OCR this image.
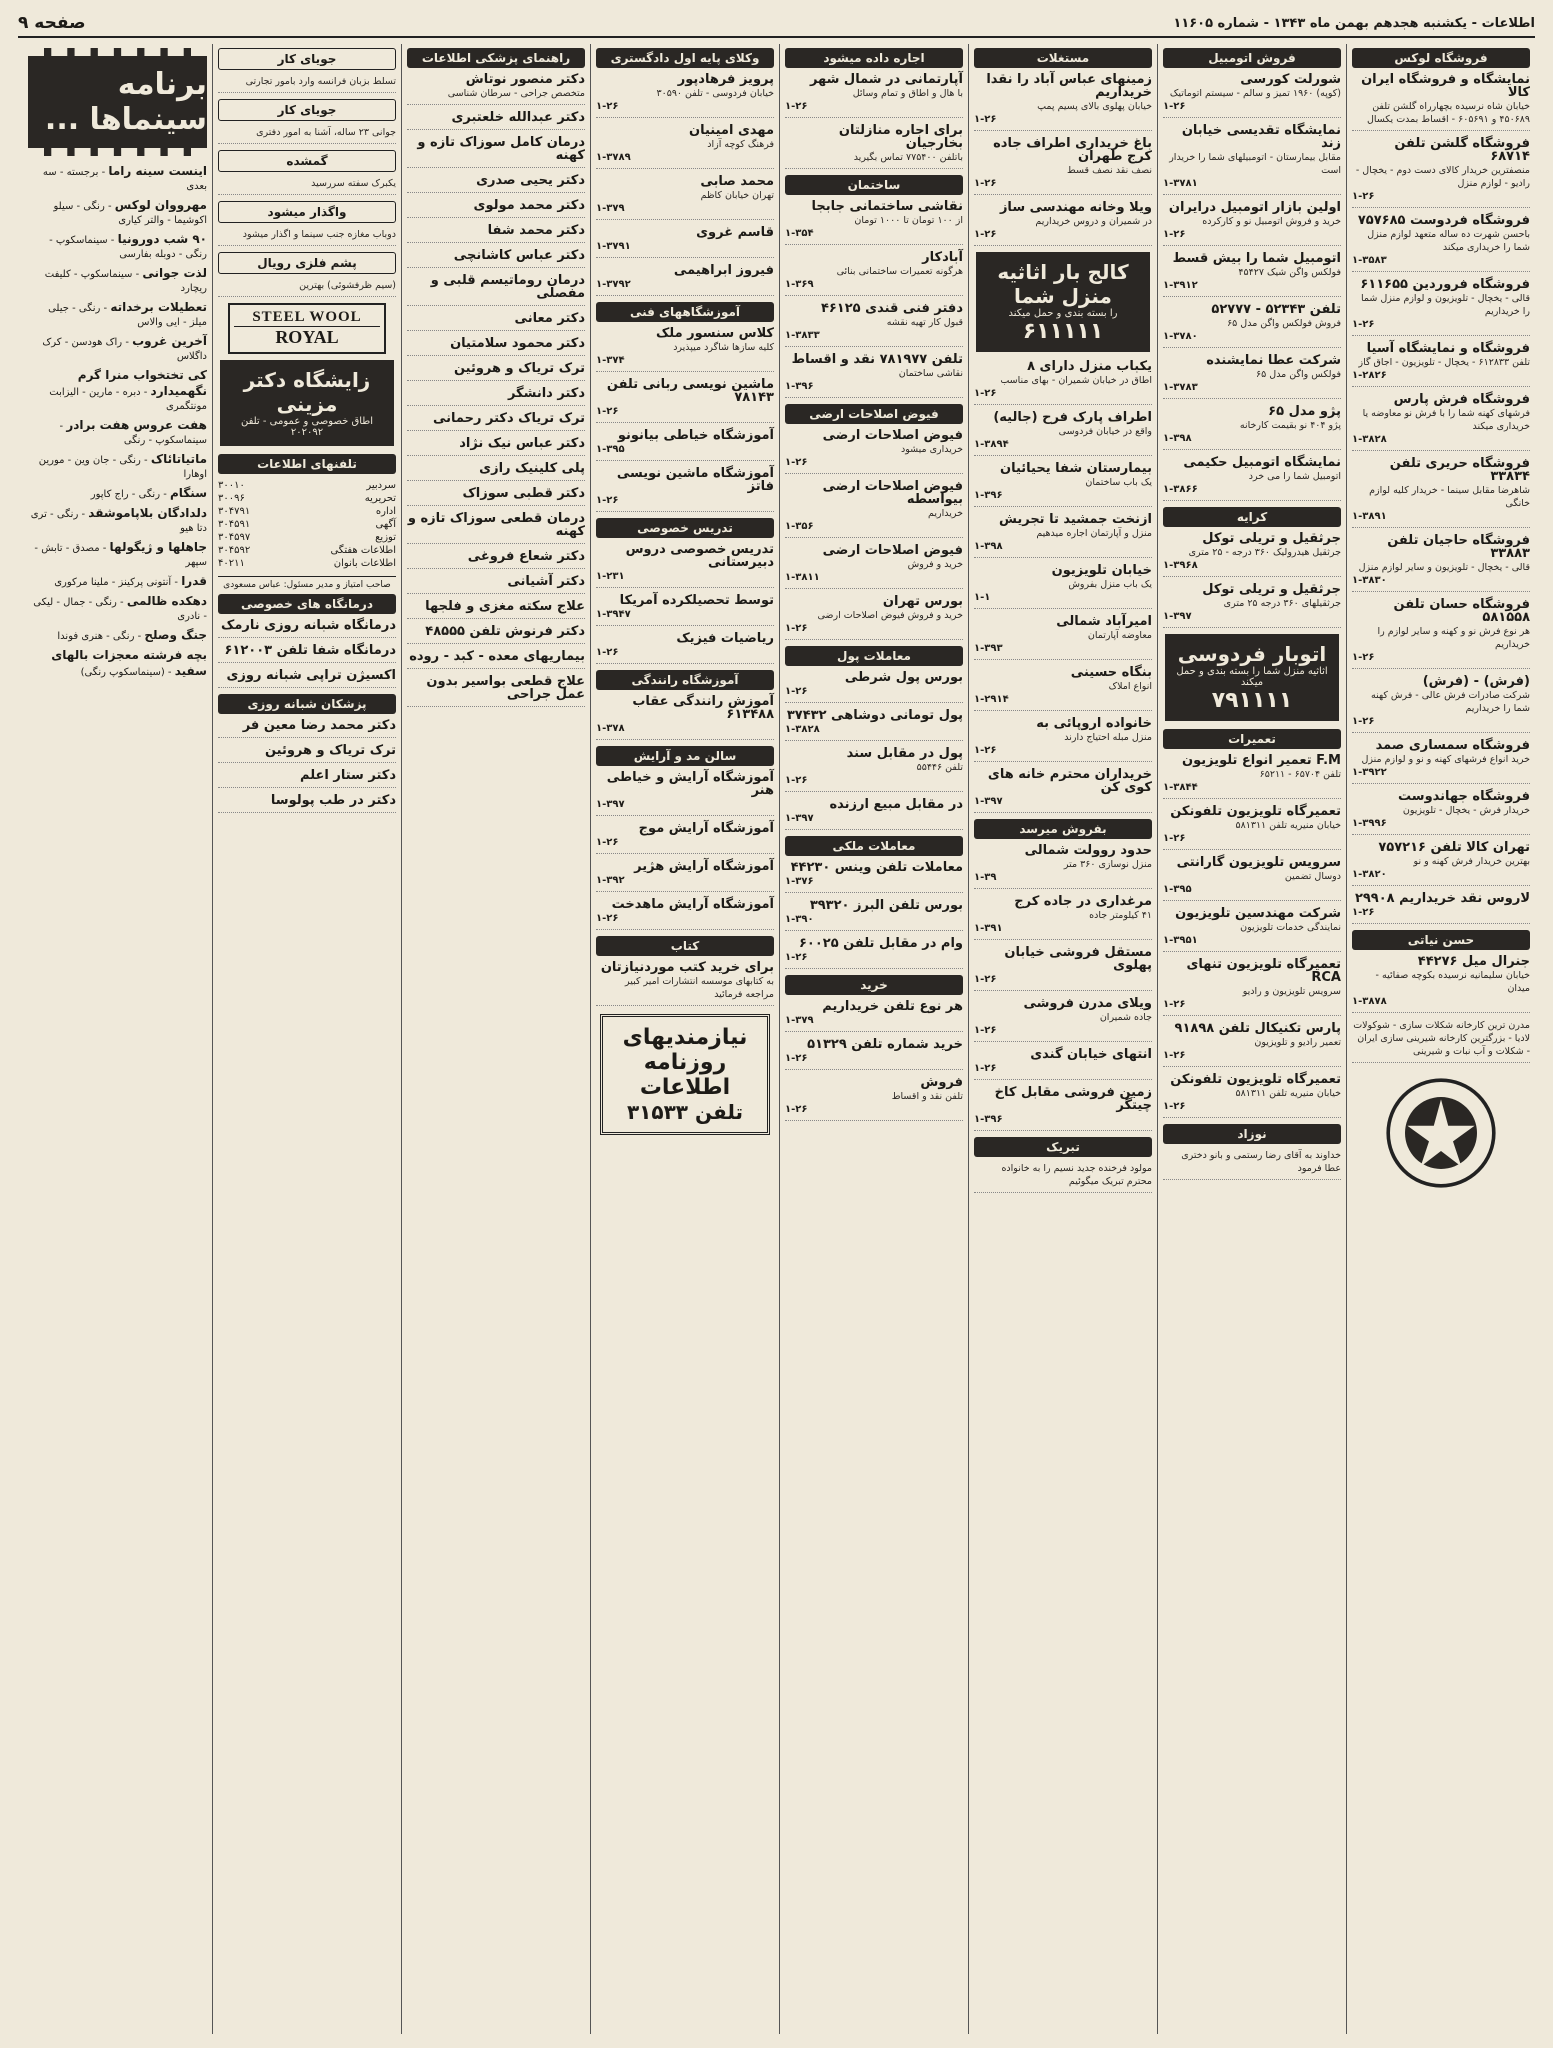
اطلاعات - یکشنبه هجدهم بهمن ماه ۱۳۴۳ - شماره ۱۱۶۰۵
صفحه ۹
فروشگاه لوکس
نمایشگاه و فروشگاه ایران کالا
خیابان شاه نرسیده بچهارراه گلشن تلفن ۴۵۰۶۸۹ و ۶۰۵۶۹۱ - اقساط بمدت یکسال
فروشگاه گلشن تلفن ۶۸۷۱۴
منصفترین خریدار کالای دست دوم - یخچال - رادیو - لوازم منزل
۱-۲۶
فروشگاه فردوست ۷۵۷۶۸۵
باحسن شهرت ده ساله متعهد لوازم منزل شما را خریداری میکند
۱-۳۵۸۳
فروشگاه فروردین ۶۱۱۶۵۵
قالی - یخچال - تلویزیون و لوازم منزل شما را خریداریم
۱-۲۶
فروشگاه و نمایشگاه آسیا
تلفن ۶۱۲۸۳۳ - یخچال - تلویزیون - اجاق گاز
۱-۲۸۲۶
فروشگاه فرش پارس
فرشهای کهنه شما را با فرش نو معاوضه یا خریداری میکند
۱-۳۸۲۸
فروشگاه حریری تلفن ۳۳۸۳۴
شاهرضا مقابل سینما - خریدار کلیه لوازم خانگی
۱-۳۸۹۱
فروشگاه حاجیان تلفن ۳۳۸۸۳
قالی - یخچال - تلویزیون و سایر لوازم منزل
۱-۳۸۳۰
فروشگاه حسان تلفن ۵۸۱۵۵۸
هر نوع فرش نو و کهنه و سایر لوازم را خریداریم
۱-۲۶
(فرش) - (فرش)
شرکت صادرات فرش عالی - فرش کهنه شما را خریداریم
۱-۲۶
فروشگاه سمساری صمد
خرید انواع فرشهای کهنه و نو و لوازم منزل
۱-۳۹۲۲
فروشگاه جهاندوست
خریدار فرش - یخچال - تلویزیون
۱-۳۹۹۶
تهران کالا تلفن ۷۵۷۲۱۶
بهترین خریدار فرش کهنه و نو
۱-۳۸۲۰
لاروس نقد خریداریم ۲۹۹۰۸
۱-۲۶
حسن نیاتی
جنرال میل ۴۴۲۷۶
خیابان سلیمانیه نرسیده بکوچه صفائیه - میدان
۱-۳۸۷۸
مدرن ترین کارخانه شکلات سازی - شوکولات لادیا - بزرگترین کارخانه شیرینی سازی ایران - شکلات و آب نبات و شیرینی
فروش اتومبیل
شورلت کورسی
(کوپه) ۱۹۶۰ تمیز و سالم - سیستم اتوماتیک
۱-۲۶
نمایشگاه تقدیسی خیابان زند
مقابل بیمارستان - اتومبیلهای شما را خریدار است
۱-۳۷۸۱
اولین بازار اتومبیل درایران
خرید و فروش اتومبیل نو و کارکرده
۱-۲۶
اتومبیل شما را بیش قسط
فولکس واگن شیک ۴۵۴۲۷
۱-۳۹۱۲
تلفن ۵۲۳۴۳ - ۵۲۷۷۷
فروش فولکس واگن مدل ۶۵
۱-۳۷۸۰
شرکت عطا نمایشنده
فولکس واگن مدل ۶۵
۱-۳۷۸۳
پژو مدل ۶۵
پژو ۴۰۴ نو بقیمت کارخانه
۱-۳۹۸
نمایشگاه اتومبیل حکیمی
اتومبیل شما را می خرد
۱-۳۸۶۶
کرایه
جرثقیل و تریلی توکل
جرثقیل هیدرولیک ۳۶۰ درجه - ۲۵ متری
۱-۳۹۶۸
جرثقیل و تریلی توکل
جرثقیلهای ۳۶۰ درجه ۲۵ متری
۱-۳۹۷
اتوبار فردوسی
اثاثیه منزل شما را بسته بندی و حمل میکند
۷۹۱۱۱۱
تعمیرات
F.M تعمیر انواع تلویزیون
تلفن ۶۵۷۰۴ - ۶۵۲۱۱
۱-۳۸۴۴
تعمیرگاه تلویزیون تلفونکن
خیابان منیریه تلفن ۵۸۱۳۱۱
۱-۲۶
سرویس تلویزیون گارانتی
دوسال تضمین
۱-۳۹۵
شرکت مهندسین تلویزیون
نمایندگی خدمات تلویزیون
۱-۳۹۵۱
تعمیرگاه تلویزیون تنهای RCA
سرویس تلویزیون و رادیو
۱-۲۶
پارس تکنیکال تلفن ۹۱۸۹۸
تعمیر رادیو و تلویزیون
۱-۲۶
تعمیرگاه تلویزیون تلفونکن
خیابان منیریه تلفن ۵۸۱۳۱۱
۱-۲۶
نوزاد
خداوند به آقای رضا رستمی و بانو دختری عطا فرمود
مستغلات
زمینهای عباس آباد را نقدا خریداریم
خیابان پهلوی بالای پسیم پمپ
۱-۲۶
باغ خریداری اطراف جاده کرج طهران
نصف نقد نصف قسط
۱-۲۶
ویلا وخانه مهندسی ساز
در شمیران و دروس خریداریم
۱-۲۶
کالج بار اثاثیه منزل شما
را بسته بندی و حمل میکند
۶۱۱۱۱۱
یکباب منزل دارای ۸
اطاق در خیابان شمیران - بهای مناسب
۱-۲۶
اطراف پارک فرح (جالیه)
واقع در خیابان فردوسی
۱-۳۸۹۴
بیمارستان شفا یحیائیان
یک باب ساختمان
۱-۳۹۶
ازنخت جمشید تا تجریش
منزل و آپارتمان اجاره میدهیم
۱-۳۹۸
خیابان تلویزیون
یک باب منزل بفروش
۱-۱
امیرآباد شمالی
معاوضه آپارتمان
۱-۳۹۳
بنگاه حسینی
انواع املاک
۱-۲۹۱۴
خانواده اروپائی به
منزل مبله احتیاج دارند
۱-۲۶
خریداران محترم خانه های کوی کن
۱-۳۹۷
بفروش میرسد
حدود روولت شمالی
منزل نوسازی ۳۶۰ متر
۱-۳۹
مرغداری در جاده کرج
۴۱ کیلومتر جاده
۱-۳۹۱
مستقل فروشی خیابان پهلوی
۱-۲۶
ویلای مدرن فروشی
جاده شمیران
۱-۲۶
انتهای خیابان گندی
۱-۲۶
زمین فروشی مقابل کاخ چیتگر
۱-۳۹۶
تبریک
مولود فرخنده جدید نسیم را به خانواده محترم تبریک میگوئیم
اجاره داده میشود
آپارتمانی در شمال شهر
با هال و اطاق و تمام وسائل
۱-۲۶
برای اجاره منازلتان بخارجیان
باتلفن ۷۷۵۴۰۰ تماس بگیرید
ساختمان
نقاشی ساختمانی جابجا
از ۱۰۰ تومان تا ۱۰۰۰ تومان
۱-۳۵۴
آبادکار
هرگونه تعمیرات ساختمانی بنائی
۱-۳۶۹
دفتر فنی قندی ۴۶۱۲۵
قبول کار تهیه نقشه
۱-۳۸۳۳
تلفن ۷۸۱۹۷۷ نقد و اقساط
نقاشی ساختمان
۱-۳۹۶
فیوض اصلاحات ارضی
فیوض اصلاحات ارضی
خریداری میشود
۱-۲۶
فیوض اصلاحات ارضی بیواسطه
خریداریم
۱-۳۵۶
فیوض اصلاحات ارضی
خرید و فروش
۱-۳۸۱۱
بورس تهران
خرید و فروش فیوض اصلاحات ارضی
۱-۲۶
معاملات پول
بورس پول شرطی
۱-۲۶
پول تومانی دوشاهی ۳۷۴۳۲
۱-۳۸۲۸
پول در مقابل سند
تلفن ۵۵۴۴۶
۱-۲۶
در مقابل مبیع ارزنده
۱-۳۹۷
معاملات ملکی
معاملات تلفن وینس ۴۴۲۳۰
۱-۳۷۶
بورس تلفن البرز ۳۹۳۲۰
۱-۳۹۰
وام در مقابل تلفن ۶۰۰۲۵
۱-۲۶
خرید
هر نوع تلفن خریداریم
۱-۳۷۹
خرید شماره تلفن ۵۱۳۲۹
۱-۲۶
فروش
تلفن نقد و اقساط
۱-۲۶
وکلای پایه اول دادگستری
پرویز فرهادپور
خیابان فردوسی - تلفن ۳۰۵۹۰
۱-۲۶
مهدی امینیان
فرهنگ کوچه آزاد
۱-۳۷۸۹
محمد صابی
تهران خیابان کاظم
۱-۳۷۹
قاسم غروی
۱-۳۷۹۱
فیروز ابراهیمی
۱-۳۷۹۲
آموزشگاههای فنی
کلاس سنسور ملک
کلیه سازها شاگرد میپذیرد
۱-۳۷۴
ماشین نویسی ربانی تلفن ۷۸۱۴۳
۱-۲۶
آموزشگاه خیاطی بیانونو
۱-۳۹۵
آموزشگاه ماشین نویسی فاتز
۱-۲۶
تدریس خصوصی
تدریس خصوصی دروس دبیرستانی
۱-۲۳۱
توسط تحصیلکرده آمریکا
۱-۳۹۴۷
ریاضیات فیزیک
۱-۲۶
آموزشگاه رانندگی
آموزش رانندگی عقاب ۶۱۳۴۸۸
۱-۳۷۸
سالن مد و آرایش
آموزشگاه آرایش و خیاطی هنر
۱-۳۹۷
آموزشگاه آرایش موج
۱-۲۶
آموزشگاه آرایش هژیر
۱-۳۹۲
آموزشگاه آرایش ماهدخت
۱-۲۶
کتاب
برای خرید کتب موردنیازتان
به کتابهای موسسه انتشارات امیر کبیر مراجعه فرمائید
نیازمندیهای روزنامه اطلاعات
تلفن ۳۱۵۳۳
راهنمای پزشکی اطلاعات
دکتر منصور نوتاش
متخصص جراحی - سرطان شناسی
دکتر عبدالله خلعتبری
درمان کامل سوزاک تازه و کهنه
دکتر یحیی صدری
دکتر محمد مولوی
دکتر محمد شفا
دکتر عباس کاشانچی
درمان روماتیسم قلبی و مفصلی
دکتر معانی
دکتر محمود سلامتیان
ترک تریاک و هروئین
دکتر دانشگر
ترک تریاک دکتر رحمانی
دکتر عباس نیک نژاد
پلی کلینیک رازی
دکتر قطبی سوزاک
درمان قطعی سوزاک تازه و کهنه
دکتر شعاع فروغی
دکتر آشیانی
علاج سکته مغزی و فلجها
دکتر فرنوش تلفن ۴۸۵۵۵
بیماریهای معده - کبد - روده
علاج قطعی بواسیر بدون عمل جراحی
جویای کار
تسلط بزبان فرانسه وارد بامور تجارتی
جویای کار
جوانی ۲۳ ساله، آشنا به امور دفتری
گمشده
یکبرک سفته سررسید
واگذار میشود
دوباب مغازه جنب سینما و اگذار میشود
پشم فلزی رویال
(سیم ظرفشوئی) بهترین
STEEL WOOL
ROYAL
زایشگاه دکتر مزینی
اطاق خصوصی و عمومی - تلفن ۲۰۲۰۹۲
تلفنهای اطلاعات
سردبیر	۳۰۰۱۰
تحریریه	۳۰۰۹۶
اداره	۳۰۴۷۹۱
آگهی	۳۰۴۵۹۱
توزیع	۳۰۴۵۹۷
اطلاعات هفتگی	۳۰۴۵۹۲
اطلاعات بانوان	۴۰۲۱۱
صاحب امتیاز و مدیر مسئول: عباس مسعودی
درمانگاه های خصوصی
درمانگاه شبانه روزی نارمک
درمانگاه شفا تلفن ۶۱۲۰۰۳
اکسیژن تراپی شبانه روزی
پزشکان شبانه روزی
دکتر محمد رضا معین فر
ترک تریاک و هروئین
دکتر ستار اعلم
دکتر در طب پولوسا
برنامه سینماها ...
اینست سینه راما - برجسته - سه بعدی
مهرووان لوکس - رنگی - سیلو اکوشیما - والتر کیاری
۹۰ شب دورونیا - سینماسکوپ - رنگی - دوبله بفارسی
لذت جوانی - سینماسکوپ - کلیفت ریچارد
تعطیلات برخداته - رنگی - جیلی میلز - ایی والاس
آخرین غروب - راک هودسن - کرک داگلاس
کی تختخواب منرا گرم نگهمیدارد - دبره - مارین - الیزابت مونتگمری
هفت عروس هفت برادر - سینماسکوپ - رنگی
ماتیاتائاک - رنگی - جان وین - مورین اوهارا
سنگام - رنگی - راج کاپور
دلدادگان بلاپاموشقد - رنگی - تری دتا هیو
جاهلها و ژیگولها - مصدق - تابش - سپهر
قدرا - آنتونی پرکینز - ملینا مرکوری
دهکده ظالمی - رنگی - جمال - لیکی - نادری
جنگ وصلح - رنگی - هنری فوندا
بچه فرشته معجزات بالهای سفید - (سینماسکوپ رنگی)
